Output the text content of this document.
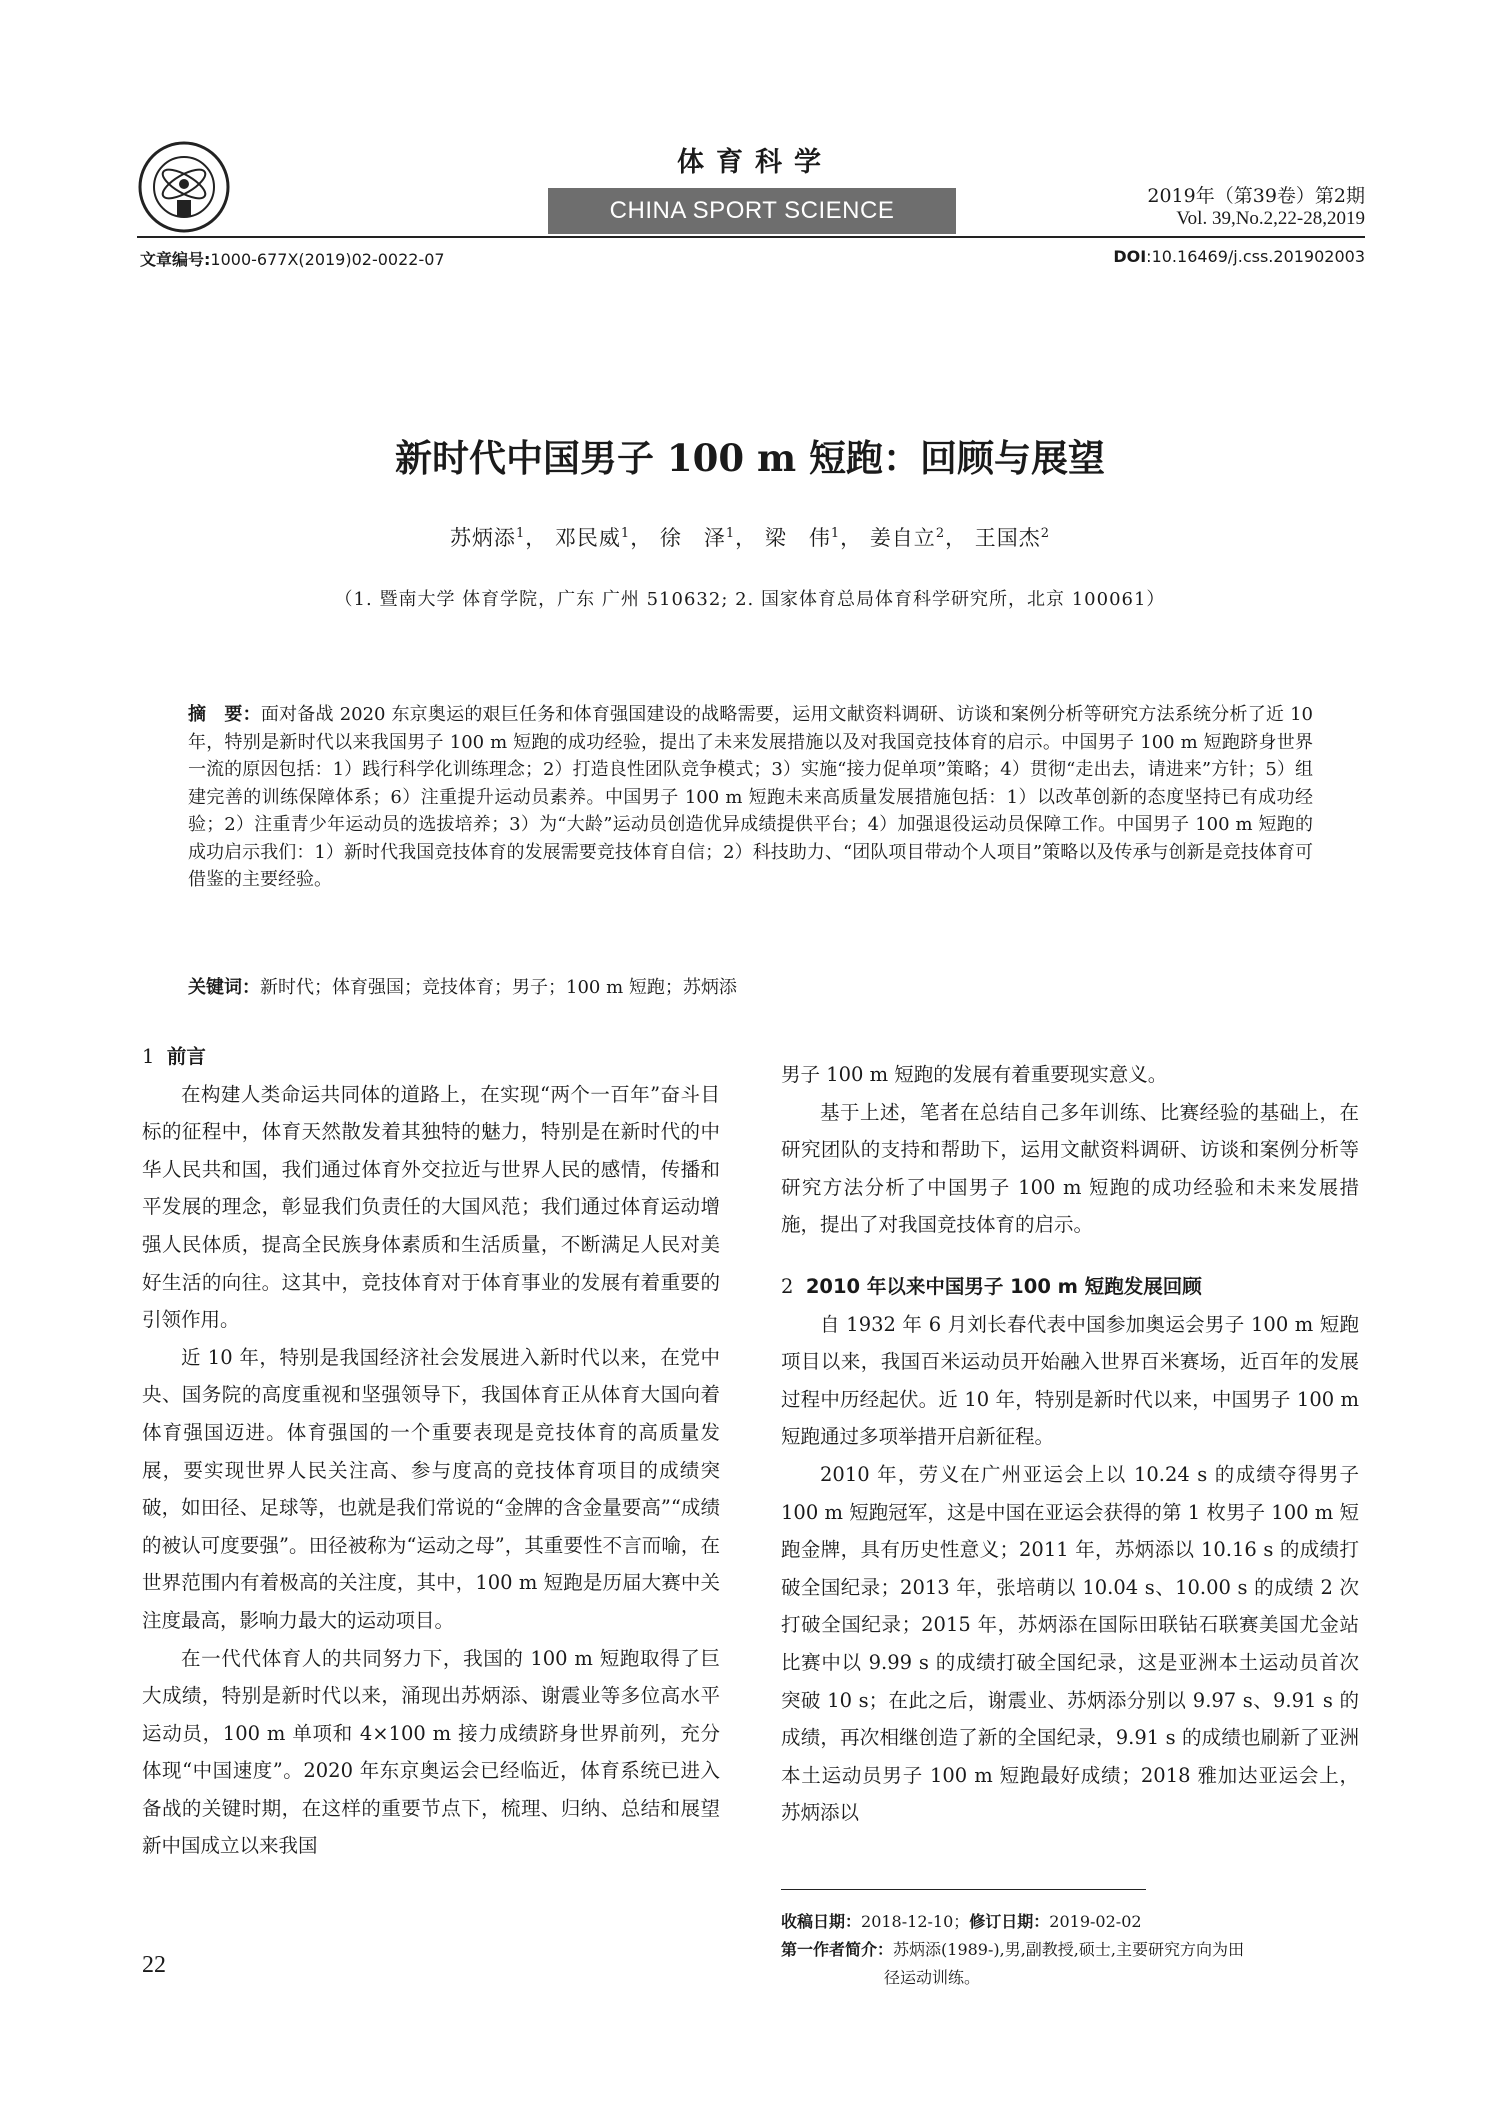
体育科学
CHINA SPORT SCIENCE
2019年（第39卷）第2期
Vol. 39,No.2,22-28,2019
文章编号:1000-677X(2019)02-0022-07	DOI:10.16469/j.css.201902003
新时代中国男子 100 m 短跑：回顾与展望
苏炳添$^1$， 邓民威$^1$， 徐　泽$^1$， 梁　伟$^1$， 姜自立$^2$， 王国杰$^2$
（1. 暨南大学 体育学院，广东 广州 510632; 2. 国家体育总局体育科学研究所，北京 100061）
摘　要：面对备战 2020 东京奥运的艰巨任务和体育强国建设的战略需要，运用文献资料调研、访谈和案例分析等研究方法系统分析了近 10 年，特别是新时代以来我国男子 100 m 短跑的成功经验，提出了未来发展措施以及对我国竞技体育的启示。中国男子 100 m 短跑跻身世界一流的原因包括：1）践行科学化训练理念；2）打造良性团队竞争模式；3）实施“接力促单项”策略；4）贯彻“走出去，请进来”方针；5）组建完善的训练保障体系；6）注重提升运动员素养。中国男子 100 m 短跑未来高质量发展措施包括：1）以改革创新的态度坚持已有成功经验；2）注重青少年运动员的选拔培养；3）为“大龄”运动员创造优异成绩提供平台；4）加强退役运动员保障工作。中国男子 100 m 短跑的成功启示我们：1）新时代我国竞技体育的发展需要竞技体育自信；2）科技助力、“团队项目带动个人项目”策略以及传承与创新是竞技体育可借鉴的主要经验。
关键词：新时代；体育强国；竞技体育；男子；100 m 短跑；苏炳添
1 前言

在构建人类命运共同体的道路上，在实现“两个一百年”奋斗目标的征程中，体育天然散发着其独特的魅力，特别是在新时代的中华人民共和国，我们通过体育外交拉近与世界人民的感情，传播和平发展的理念，彰显我们负责任的大国风范；我们通过体育运动增强人民体质，提高全民族身体素质和生活质量，不断满足人民对美好生活的向往。这其中，竞技体育对于体育事业的发展有着重要的引领作用。

近 10 年，特别是我国经济社会发展进入新时代以来，在党中央、国务院的高度重视和坚强领导下，我国体育正从体育大国向着体育强国迈进。体育强国的一个重要表现是竞技体育的高质量发展，要实现世界人民关注高、参与度高的竞技体育项目的成绩突破，如田径、足球等，也就是我们常说的“金牌的含金量要高”“成绩的被认可度要强”。田径被称为“运动之母”，其重要性不言而喻，在世界范围内有着极高的关注度，其中，100 m 短跑是历届大赛中关注度最高，影响力最大的运动项目。

在一代代体育人的共同努力下，我国的 100 m 短跑取得了巨大成绩，特别是新时代以来，涌现出苏炳添、谢震业等多位高水平运动员，100 m 单项和 4×100 m 接力成绩跻身世界前列，充分体现“中国速度”。2020 年东京奥运会已经临近，体育系统已进入备战的关键时期，在这样的重要节点下，梳理、归纳、总结和展望新中国成立以来我国

男子 100 m 短跑的发展有着重要现实意义。

基于上述，笔者在总结自己多年训练、比赛经验的基础上，在研究团队的支持和帮助下，运用文献资料调研、访谈和案例分析等研究方法分析了中国男子 100 m 短跑的成功经验和未来发展措施，提出了对我国竞技体育的启示。

2 2010 年以来中国男子 100 m 短跑发展回顾

自 1932 年 6 月刘长春代表中国参加奥运会男子 100 m 短跑项目以来，我国百米运动员开始融入世界百米赛场，近百年的发展过程中历经起伏。近 10 年，特别是新时代以来，中国男子 100 m 短跑通过多项举措开启新征程。

2010 年，劳义在广州亚运会上以 10.24 s 的成绩夺得男子 100 m 短跑冠军，这是中国在亚运会获得的第 1 枚男子 100 m 短跑金牌，具有历史性意义；2011 年，苏炳添以 10.16 s 的成绩打破全国纪录；2013 年，张培萌以 10.04 s、10.00 s 的成绩 2 次打破全国纪录；2015 年，苏炳添在国际田联钻石联赛美国尤金站比赛中以 9.99 s 的成绩打破全国纪录，这是亚洲本土运动员首次突破 10 s；在此之后，谢震业、苏炳添分别以 9.97 s、9.91 s 的成绩，再次相继创造了新的全国纪录，9.91 s 的成绩也刷新了亚洲本土运动员男子 100 m 短跑最好成绩；2018 雅加达亚运会上，苏炳添以

收稿日期：2018-12-10；修订日期：2019-02-02
第一作者简介：苏炳添(1989-),男,副教授,硕士,主要研究方向为田
径运动训练。
22
